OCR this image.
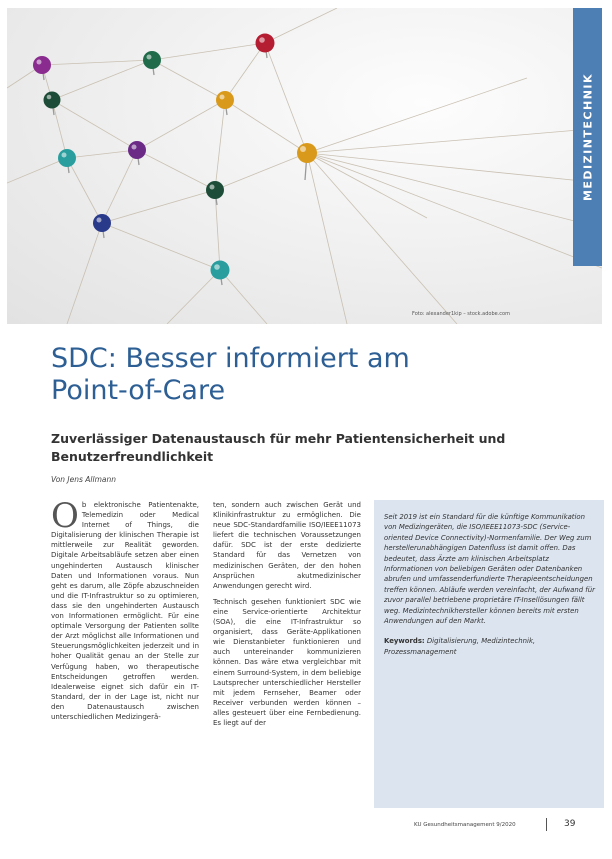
Foto: alexander1kip – stock.adobe.com
MEDIZINTECHNIK
SDC: Besser informiert am Point-of-Care
Zuverlässiger Datenaustausch für mehr Patientensicherheit und Benutzerfreundlichkeit
Von Jens Allmann

Ob elektronische Patientenakte, Telemedizin oder Medical Internet of Things, die Digitalisierung der klinischen Therapie ist mittlerweile zur Realität geworden. Digitale Arbeitsabläufe setzen aber einen ungehinderten Austausch klinischer Daten und Informationen voraus. Nun geht es darum, alle Zöpfe abzuschneiden und die IT-Infrastruktur so zu optimieren, dass sie den ungehinderten Austausch von Informationen ermöglicht. Für eine optimale Versorgung der Patienten sollte der Arzt möglichst alle Informationen und Steuerungsmöglichkeiten jederzeit und in hoher Qualität genau an der Stelle zur Verfügung haben, wo therapeutische Entscheidungen getroffen werden. Idealerweise eignet sich dafür ein IT-Standard, der in der Lage ist, nicht nur den Datenaustausch zwischen unterschiedlichen Medizingerä-

ten, sondern auch zwischen Gerät und Klinikinfrastruktur zu ermöglichen. Die neue SDC-Standardfamilie ISO/IEEE11073 liefert die technischen Voraussetzungen dafür. SDC ist der erste dedizierte Standard für das Vernetzen von medizinischen Geräten, der den hohen Ansprüchen akutmedizinischer Anwendungen gerecht wird.

Technisch gesehen funktioniert SDC wie eine Service-orientierte Architektur (SOA), die eine IT-Infrastruktur so organisiert, dass Geräte-Applikationen wie Dienstanbieter funktionieren und auch untereinander kommunizieren können. Das wäre etwa vergleichbar mit einem Surround-System, in dem beliebige Lautsprecher unterschiedlicher Hersteller mit jedem Fernseher, Beamer oder Receiver verbunden werden können – alles gesteuert über eine Fernbedienung. Es liegt auf der

Seit 2019 ist ein Standard für die künftige Kommunikation von Medizingeräten, die ISO/IEEE11073-SDC (Service-oriented Device Connectivity)-Normenfamilie. Der Weg zum herstellerunabhängigen Datenfluss ist damit offen. Das bedeutet, dass Ärzte am klinischen Arbeitsplatz Informationen von beliebigen Geräten oder Datenbanken abrufen und umfassenderfundierte Therapieentscheidungen treffen können. Abläufe werden vereinfacht, der Aufwand für zuvor parallel betriebene proprietäre IT-Insellösungen fällt weg. Medizintechnikhersteller können bereits mit ersten Anwendungen auf den Markt.

Keywords: Digitalisierung, Medizintechnik, Prozessmanagement

KU Gesundheitsmanagement 9/2020	39
